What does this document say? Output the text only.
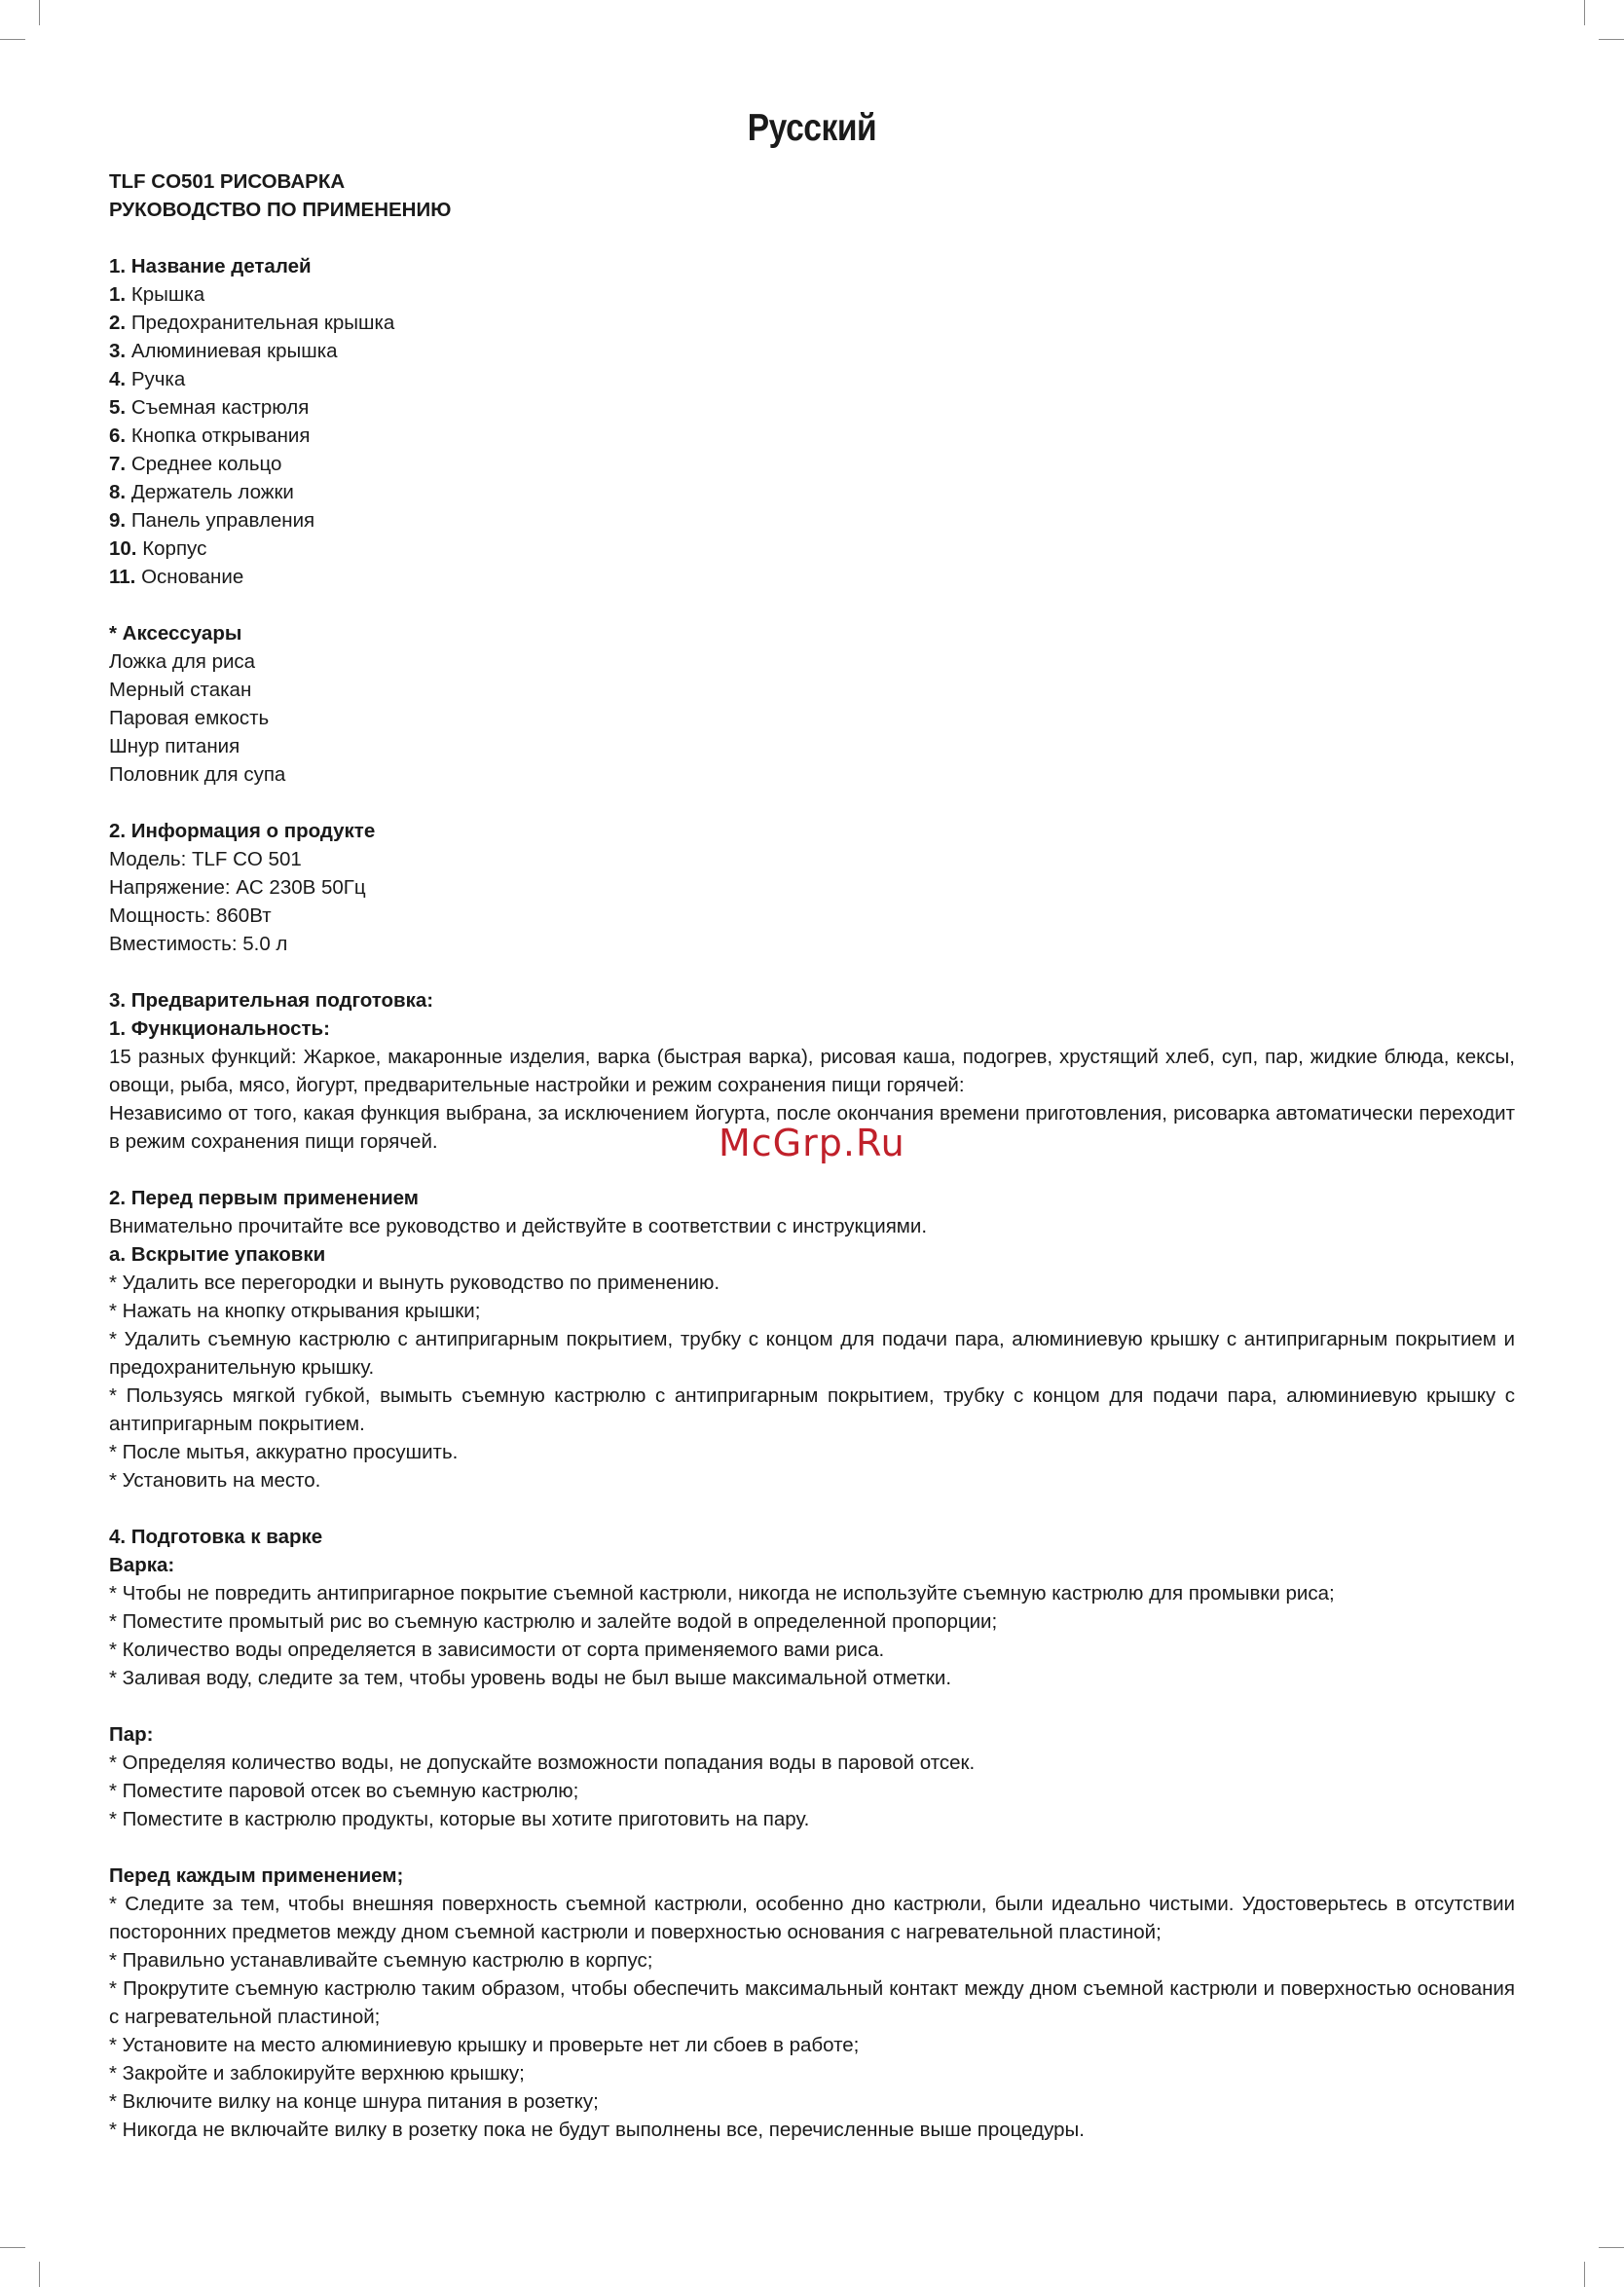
Русский

TLF CO501 РИСОВАРКА

РУКОВОДСТВО ПО ПРИМЕНЕНИЮ

1. Название деталей

1. Крышка

2. Предохранительная крышка

3. Алюминиевая крышка

4. Ручка

5. Съемная кастрюля

6. Кнопка открывания

7. Среднее кольцо

8. Держатель ложки

9. Панель управления

10. Корпус

11. Основание

* Аксессуары

Ложка для риса

Мерный стакан

Паровая емкость

Шнур питания

Половник для супа

2. Информация о продукте

Модель: TLF CO 501

Напряжение: AC 230В 50Гц

Мощность: 860Вт

Вместимость: 5.0 л

3. Предварительная подготовка:

1. Функциональность:

15 разных функций: Жаркое, макаронные изделия, варка (быстрая варка), рисовая каша, подогрев, хрустящий хлеб, суп, пар, жидкие блюда, кексы, овощи, рыба, мясо, йогурт, предварительные настройки и режим сохранения пищи горячей:

Независимо от того, какая функция выбрана, за исключением йогурта, после окончания времени приготовления, рисоварка автоматически переходит в режим сохранения пищи горячей.

2. Перед первым применением

Внимательно прочитайте все руководство и действуйте в соответствии с инструкциями.

а. Вскрытие упаковки

* Удалить все перегородки и вынуть руководство по применению.

* Нажать на кнопку открывания крышки;

* Удалить съемную кастрюлю с антипригарным покрытием, трубку с концом для подачи пара, алюминиевую крышку с антипригарным покрытием и предохранительную крышку.

* Пользуясь мягкой губкой, вымыть съемную кастрюлю с антипригарным покрытием, трубку с концом для подачи пара, алюминиевую крышку с антипригарным покрытием.

* После мытья, аккуратно просушить.

* Установить на место.

4. Подготовка к варке

Варка:

* Чтобы не повредить антипригарное покрытие съемной кастрюли, никогда не используйте съемную кастрюлю для промывки риса;

* Поместите промытый рис во съемную кастрюлю и залейте водой в определенной пропорции;

* Количество воды определяется в зависимости от сорта применяемого вами риса.

* Заливая воду, следите за тем, чтобы уровень воды не был выше максимальной отметки.

Пар:

* Определяя количество воды, не допускайте возможности попадания воды в паровой отсек.

* Поместите паровой отсек во съемную кастрюлю;

* Поместите в кастрюлю продукты, которые вы хотите приготовить на пару.

Перед каждым применением;

* Следите за тем, чтобы внешняя поверхность съемной кастрюли, особенно дно кастрюли, были идеально чистыми. Удостоверьтесь в отсутствии посторонних предметов между дном съемной кастрюли и поверхностью основания с нагревательной пластиной;

* Правильно устанавливайте съемную кастрюлю в корпус;

* Прокрутите съемную кастрюлю таким образом, чтобы обеспечить максимальный контакт между дном съемной кастрюли и поверхностью основания с нагревательной пластиной;

* Установите на место алюминиевую крышку и проверьте нет ли сбоев в работе;

* Закройте и заблокируйте верхнюю крышку;

* Включите вилку на конце шнура питания в розетку;

* Никогда не включайте вилку в розетку пока не будут выполнены все, перечисленные выше процедуры.

McGrp.Ru
